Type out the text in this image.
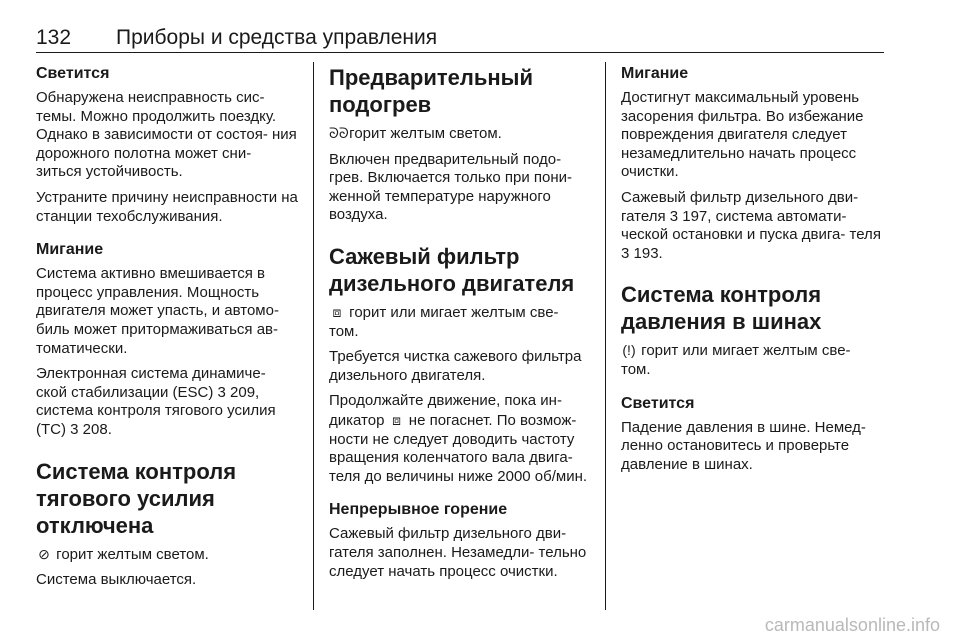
132 Приборы и средства управления
Светится

Обнаружена неисправность сис- темы. Можно продолжить поездку. Однако в зависимости от состоя- ния дорожного полотна может сни- зиться устойчивость.

Устраните причину неисправности на станции техобслуживания.

Мигание

Система активно вмешивается в процесс управления. Мощность двигателя может упасть, и автомо- биль может притормаживаться ав- томатически.

Электронная система динамиче- ской стабилизации (ESC) 3 209, система контроля тягового усилия (TC) 3 208.

Система контроля тягового усилия отключена

⊘ горит желтым светом.

Система выключается.

Предварительный подогрев

ᘐᘐ горит желтым светом.

Включен предварительный подо- грев. Включается только при пони- женной температуре наружного воздуха.

Сажевый фильтр дизельного двигателя

⧈ горит или мигает желтым све- том.

Требуется чистка сажевого фильтра дизельного двигателя.

Продолжайте движение, пока ин- дикатор ⧈ не погаснет. По возмож- ности не следует доводить частоту вращения коленчатого вала двига- теля до величины ниже 2000 об/мин.

Непрерывное горение

Сажевый фильтр дизельного дви- гателя заполнен. Незамедли- тельно следует начать процесс очистки.

Мигание

Достигнут максимальный уровень засорения фильтра. Во избежание повреждения двигателя следует незамедлительно начать процесс очистки.

Сажевый фильтр дизельного дви- гателя 3 197, система автомати- ческой остановки и пуска двига- теля 3 193.

Система контроля давления в шинах

(!) горит или мигает желтым све- том.

Светится

Падение давления в шине. Немед- ленно остановитесь и проверьте давление в шинах.

carmanualsonline.info
